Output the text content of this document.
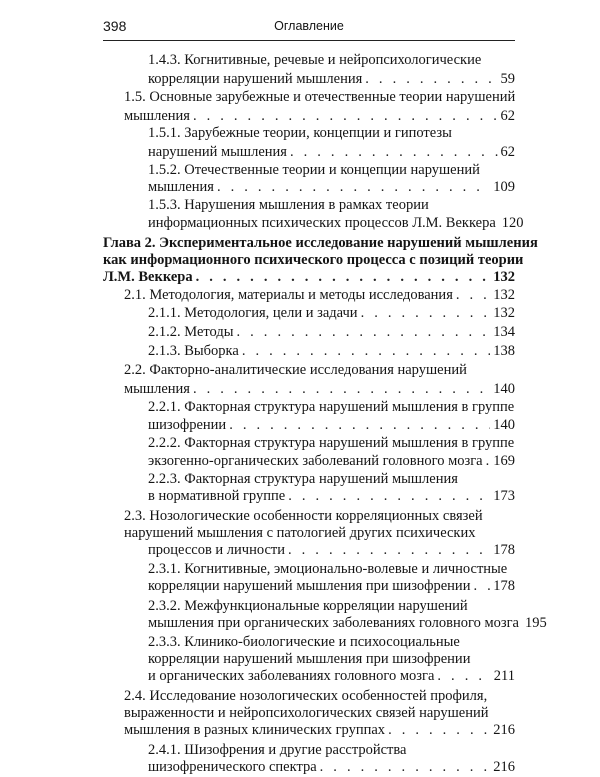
398	Оглавление
1.4.3. Когнитивные, речевые и нейропсихологические
корреляции нарушений мышления . . .	59
1.5. Основные зарубежные и отечественные теории нарушений
мышления . . .	62
1.5.1. Зарубежные теории, концепции и гипотезы
нарушений мышления . . .	62
1.5.2. Отечественные теории и концепции нарушений
мышления . . .	109
1.5.3. Нарушения мышления в рамках теории
информационных психических процессов Л.М. Веккера 120
Глава 2. Экспериментальное исследование нарушений мышления
как информационного психического процесса с позиций теории
Л.М. Веккера . . .	132
2.1. Методология, материалы и методы исследования . . .	132
2.1.1. Методология, цели и задачи . . .	132
2.1.2. Методы . . .	134
2.1.3. Выборка . . .	138
2.2. Факторно-аналитические исследования нарушений
мышления . . .	140
2.2.1. Факторная структура нарушений мышления в группе
шизофрении . . .	140
2.2.2. Факторная структура нарушений мышления в группе
экзогенно-органических заболеваний головного мозга . . . 169
2.2.3. Факторная структура нарушений мышления
в нормативной группе . . .	173
2.3. Нозологические особенности корреляционных связей
нарушений мышления с патологией других психических
процессов и личности . . .	178
2.3.1. Когнитивные, эмоционально-волевые и личностные
корреляции нарушений мышления при шизофрении . . . 178
2.3.2. Межфункциональные корреляции нарушений
мышления при органических заболеваниях головного мозга 195
2.3.3. Клинико-биологические и психосоциальные
корреляции нарушений мышления при шизофрении
и органических заболеваниях головного мозга . . .	211
2.4. Исследование нозологических особенностей профиля,
выраженности и нейропсихологических связей нарушений
мышления в разных клинических группах . . .	216
2.4.1. Шизофрения и другие расстройства
шизофренического спектра . . .	216
